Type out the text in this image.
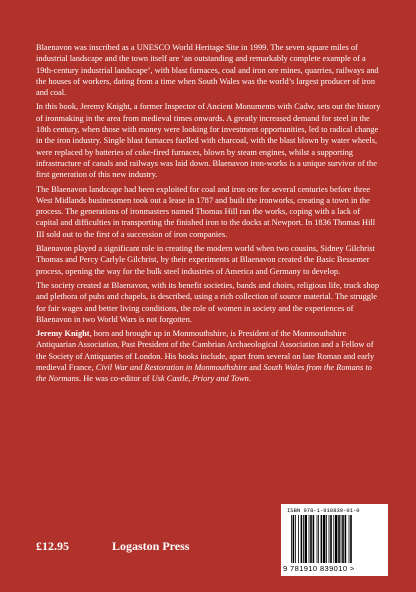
Blaenavon was inscribed as a UNESCO World Heritage Site in 1999. The seven square miles of industrial landscape and the town itself are ‘an outstanding and remarkably complete example of a 19th-century industrial landscape’, with blast furnaces, coal and iron ore mines, quarries, railways and the houses of workers, dating from a time when South Wales was the world’s largest producer of iron and coal.

In this book, Jeremy Knight, a former Inspector of Ancient Monuments with Cadw, sets out the history of ironmaking in the area from medieval times onwards. A greatly increased demand for steel in the 18th century, when those with money were looking for investment opportunities, led to radical change in the iron industry. Single blast furnaces fuelled with charcoal, with the blast blown by water wheels, were replaced by batteries of coke-fired furnaces, blown by steam engines, whilst a supporting infrastructure of canals and railways was laid down. Blaenavon iron-works is a unique survivor of the first generation of this new industry.

The Blaenavon landscape had been exploited for coal and iron ore for several centuries before three West Midlands businessmen took out a lease in 1787 and built the ironworks, creating a town in the process. The generations of ironmasters named Thomas Hill ran the works, coping with a lack of capital and difficulties in transporting the finished iron to the docks at Newport. In 1836 Thomas Hill III sold out to the first of a succession of iron companies.

Blaenavon played a significant role in creating the modern world when two cousins, Sidney Gilchrist Thomas and Percy Carlyle Gilchrist, by their experiments at Blaenavon created the Basic Bessemer process, opening the way for the bulk steel industries of America and Germany to develop.

The society created at Blaenavon, with its benefit societies, bands and choirs, religious life, truck shop and plethora of pubs and chapels, is described, using a rich collection of source material. The struggle for fair wages and better living conditions, the role of women in society and the experiences of Blaenavon in two World Wars is not forgotten.

Jeremy Knight, born and brought up in Monmouthshire, is President of the Monmouthshire Antiquarian Association, Past President of the Cambrian Archaeological Association and a Fellow of the Society of Antiquaries of London. His books include, apart from several on late Roman and early medieval France, Civil War and Restoration in Monmouthshire and South Wales from the Romans to the Normans. He was co-editor of Usk Castle, Priory and Town.

£12.95	Logaston Press
ISBN 978-1-910839-01-0
9 781910 839010 >
